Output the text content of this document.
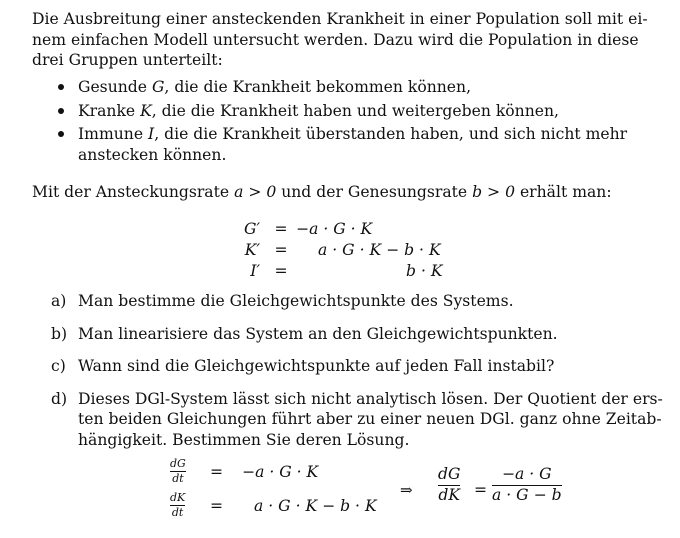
Die Ausbreitung einer ansteckenden Krankheit in einer Population soll mit ei-
nem einfachen Modell untersucht werden. Dazu wird die Population in diese
drei Gruppen unterteilt:
Gesunde G, die die Krankheit bekommen können,
Kranke K, die die Krankheit haben und weitergeben können,
Immune I, die die Krankheit überstanden haben, und sich nicht mehr
anstecken können.
Mit der Ansteckungsrate a > 0 und der Genesungsrate b > 0 erhält man:
G′ = −a · G · K
K′ = a · G · K − b · K
I′ =	b · K
a) Man bestimme die Gleichgewichtspunkte des Systems.
b) Man linearisiere das System an den Gleichgewichtspunkten.
c) Wann sind die Gleichgewichtspunkte auf jeden Fall instabil?
d) Dieses DGl-System lässt sich nicht analytisch lösen. Der Quotient der ers-
ten beiden Gleichungen führt aber zu einer neuen DGl. ganz ohne Zeitab-
hängigkeit. Bestimmen Sie deren Lösung.
dG
dt = −a · G · K
dK
dt = a · G · K − b · K
⇒
dG
dK =
−a · G
a · G − b
